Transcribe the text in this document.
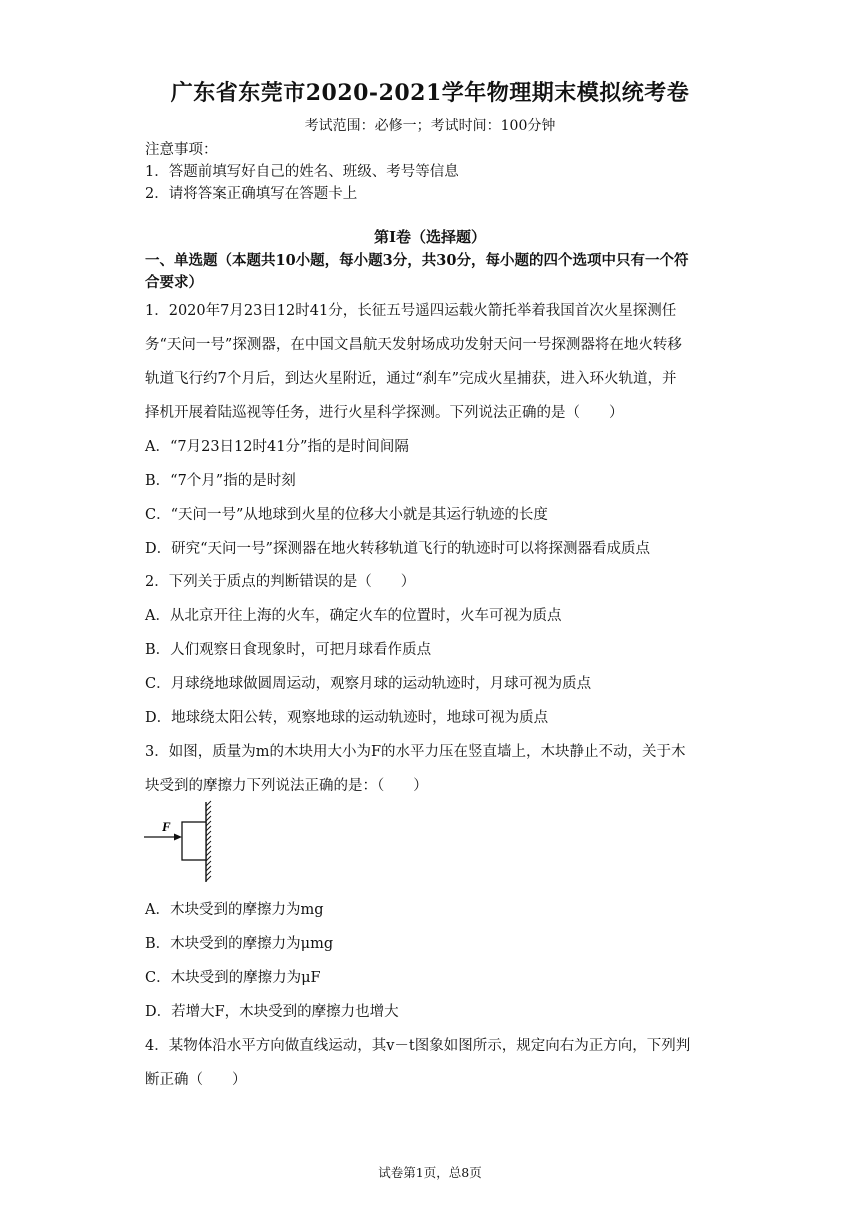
广东省东莞市2020-2021学年物理期末模拟统考卷
考试范围：必修一；考试时间：100分钟
注意事项：
1．答题前填写好自己的姓名、班级、考号等信息
2．请将答案正确填写在答题卡上
第Ⅰ卷（选择题）
一、单选题（本题共10小题，每小题3分，共30分，每小题的四个选项中只有一个符
合要求）
1．2020年7月23日12时41分，长征五号遥四运载火箭托举着我国首次火星探测任
务“天问一号”探测器，在中国文昌航天发射场成功发射天问一号探测器将在地火转移
轨道飞行约7个月后，到达火星附近，通过“刹车”完成火星捕获，进入环火轨道，并
择机开展着陆巡视等任务，进行火星科学探测。下列说法正确的是（　　）
A．“7月23日12时41分”指的是时间间隔
B．“7个月”指的是时刻
C．“天问一号”从地球到火星的位移大小就是其运行轨迹的长度
D．研究“天问一号”探测器在地火转移轨道飞行的轨迹时可以将探测器看成质点
2．下列关于质点的判断错误的是（　　）
A．从北京开往上海的火车，确定火车的位置时，火车可视为质点
B．人们观察日食现象时，可把月球看作质点
C．月球绕地球做圆周运动，观察月球的运动轨迹时，月球可视为质点
D．地球绕太阳公转，观察地球的运动轨迹时，地球可视为质点
3．如图，质量为m的木块用大小为F的水平力压在竖直墙上，木块静止不动，关于木
块受到的摩擦力下列说法正确的是：（　　）
F
A．木块受到的摩擦力为mg
B．木块受到的摩擦力为μmg
C．木块受到的摩擦力为μF
D．若增大F，木块受到的摩擦力也增大
4．某物体沿水平方向做直线运动，其v－t图象如图所示，规定向右为正方向，下列判
断正确（　　）
试卷第1页，总8页
